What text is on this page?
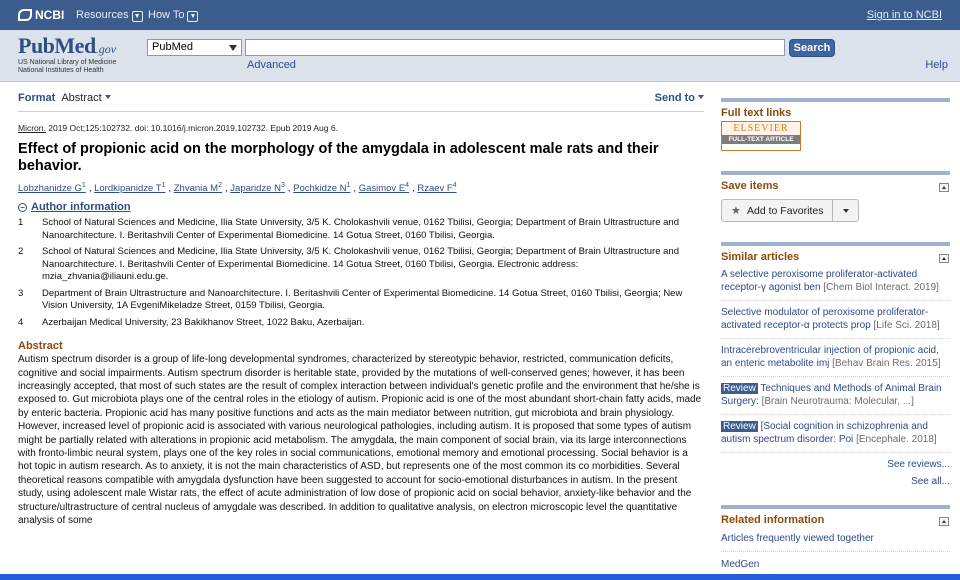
NCBI Resources ▼ How To ▼	Sign in to NCBI
PubMed.gov
US National Library of Medicine
National Institutes of Health
PubMed	Search
Advanced	Help
Format Abstract	Send to
Micron. 2019 Oct;125:102732. doi: 10.1016/j.micron.2019.102732. Epub 2019 Aug 6.
Effect of propionic acid on the morphology of the amygdala in adolescent male rats and their behavior.
Lobzhanidze $G^1$ , Lordkipanidze $T^1$ , Zhvania $M^2$ , Japaridze $N^3$ , Pochkidze $N^1$ , Gasimov $E^4$ , Rzaev $F^4$
– Author information
1 School of Natural Sciences and Medicine, Ilia State University, 3/5 K. Cholokashvili venue, 0162 Tbilisi, Georgia; Department of Brain Ultrastructure and Nanoarchitecture. I. Beritashvili Center of Experimental Biomedicine. 14 Gotua Street, 0160 Tbilisi, Georgia.
2 School of Natural Sciences and Medicine, Ilia State University, 3/5 K. Cholokashvili venue, 0162 Tbilisi, Georgia; Department of Brain Ultrastructure and Nanoarchitecture. I. Beritashvili Center of Experimental Biomedicine. 14 Gotua Street, 0160 Tbilisi, Georgia. Electronic address: mzia_zhvania@iliauni.edu.ge.
3 Department of Brain Ultrastructure and Nanoarchitecture. I. Beritashvili Center of Experimental Biomedicine. 14 Gotua Street, 0160 Tbilisi, Georgia; New Vision University, 1A EvgeniMikeladze Street, 0159 Tbilisi, Georgia.
4 Azerbaijan Medical University, 23 Bakikhanov Street, 1022 Baku, Azerbaijan.
Abstract
Autism spectrum disorder is a group of life-long developmental syndromes, characterized by stereotypic behavior, restricted, communication deficits, cognitive and social impairments. Autism spectrum disorder is heritable state, provided by the mutations of well-conserved genes; however, it has been increasingly accepted, that most of such states are the result of complex interaction between individual's genetic profile and the environment that he/she is exposed to. Gut microbiota plays one of the central roles in the etiology of autism. Propionic acid is one of the most abundant short-chain fatty acids, made by enteric bacteria. Propionic acid has many positive functions and acts as the main mediator between nutrition, gut microbiota and brain physiology. However, increased level of propionic acid is associated with various neurological pathologies, including autism. It is proposed that some types of autism might be partially related with alterations in propionic acid metabolism. The amygdala, the main component of social brain, via its large interconnections with fronto-limbic neural system, plays one of the key roles in social communications, emotional memory and emotional processing. Social behavior is a hot topic in autism research. As to anxiety, it is not the main characteristics of ASD, but represents one of the most common its co morbidities. Several theoretical reasons compatible with amygdala dysfunction have been suggested to account for socio-emotional disturbances in autism. In the present study, using adolescent male Wistar rats, the effect of acute administration of low dose of propionic acid on social behavior, anxiety-like behavior and the structure/ultrastructure of central nucleus of amygdale was described. In addition to qualitative analysis, on electron microscopic level the quantitative analysis of some
Full text links
ELSEVIER
FULL-TEXT ARTICLE
Save items
★ Add to Favorites
Similar articles
A selective peroxisome proliferator-activated receptor-γ agonist ben [Chem Biol Interact. 2019]
Selective modulator of peroxisome proliferator-activated receptor-α protects prop [Life Sci. 2018]
Intracerebroventricular injection of propionic acid, an enteric metabolite imj [Behav Brain Res. 2015]
Review Techniques and Methods of Animal Brain Surgery: [Brain Neurotrauma: Molecular, ...]
Review [Social cognition in schizophrenia and autism spectrum disorder: Poi [Encephale. 2018]
See reviews...
See all...
Related information
Articles frequently viewed together
MedGen
